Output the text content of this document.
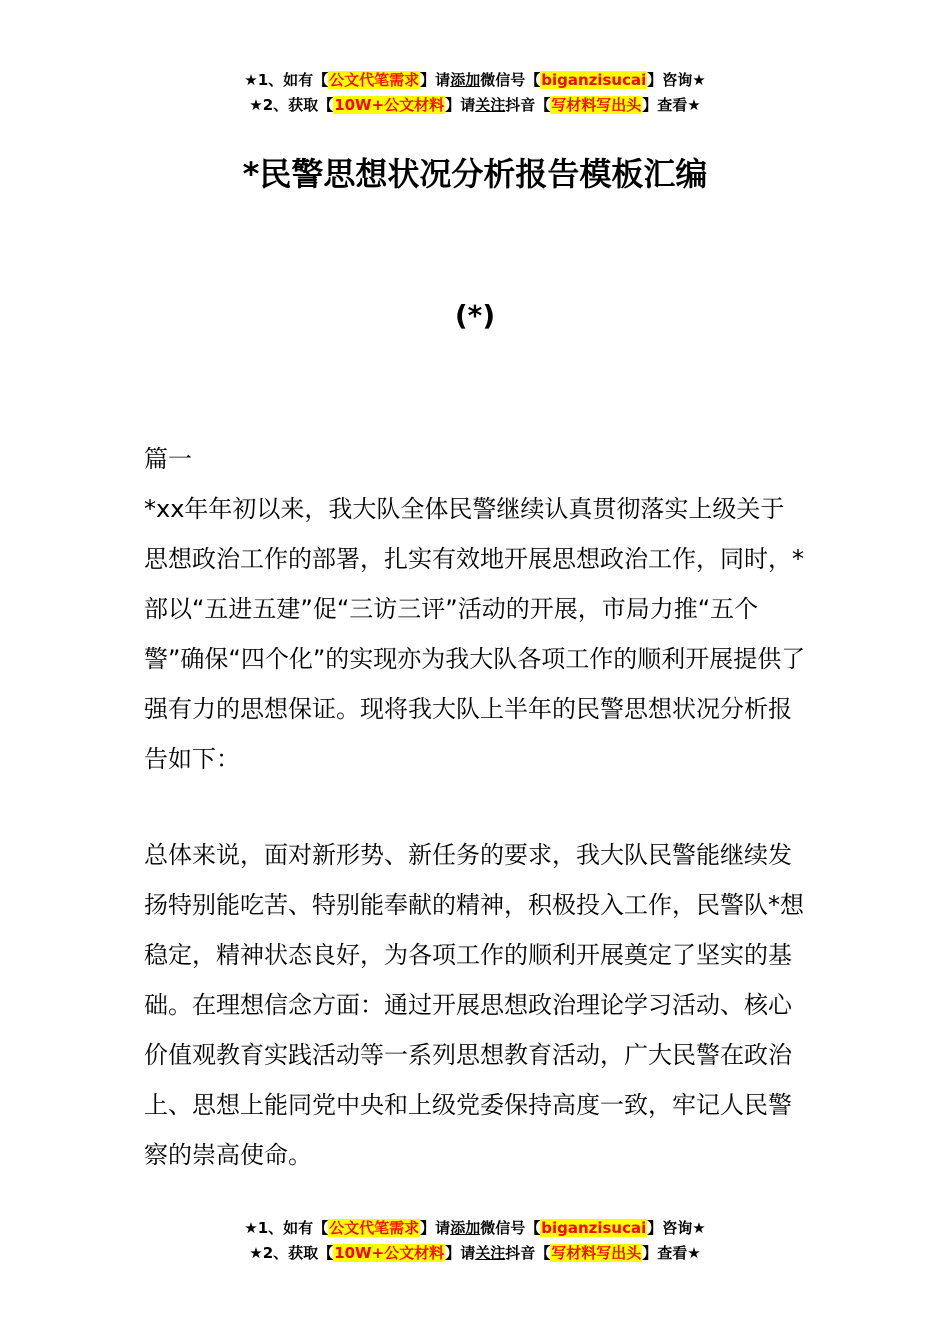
★1、如有【公文代笔需求】请添加微信号【biganzisucai】咨询★
★2、获取【10W+公文材料】请关注抖音【写材料写出头】查看★
*民警思想状况分析报告模板汇编
(*)
篇一

*xx年年初以来，我大队全体民警继续认真贯彻落实上级关于思想政治工作的部署，扎实有效地开展思想政治工作，同时，*部以“五进五建”促“三访三评”活动的开展，市局力推“五个警”确保“四个化”的实现亦为我大队各项工作的顺利开展提供了强有力的思想保证。现将我大队上半年的民警思想状况分析报告如下：

总体来说，面对新形势、新任务的要求，我大队民警能继续发扬特别能吃苦、特别能奉献的精神，积极投入工作，民警队*想稳定，精神状态良好，为各项工作的顺利开展奠定了坚实的基础。在理想信念方面：通过开展思想政治理论学习活动、核心价值观教育实践活动等一系列思想教育活动，广大民警在政治上、思想上能同党中央和上级党委保持高度一致，牢记人民警察的崇高使命。

★1、如有【公文代笔需求】请添加微信号【biganzisucai】咨询★
★2、获取【10W+公文材料】请关注抖音【写材料写出头】查看★
